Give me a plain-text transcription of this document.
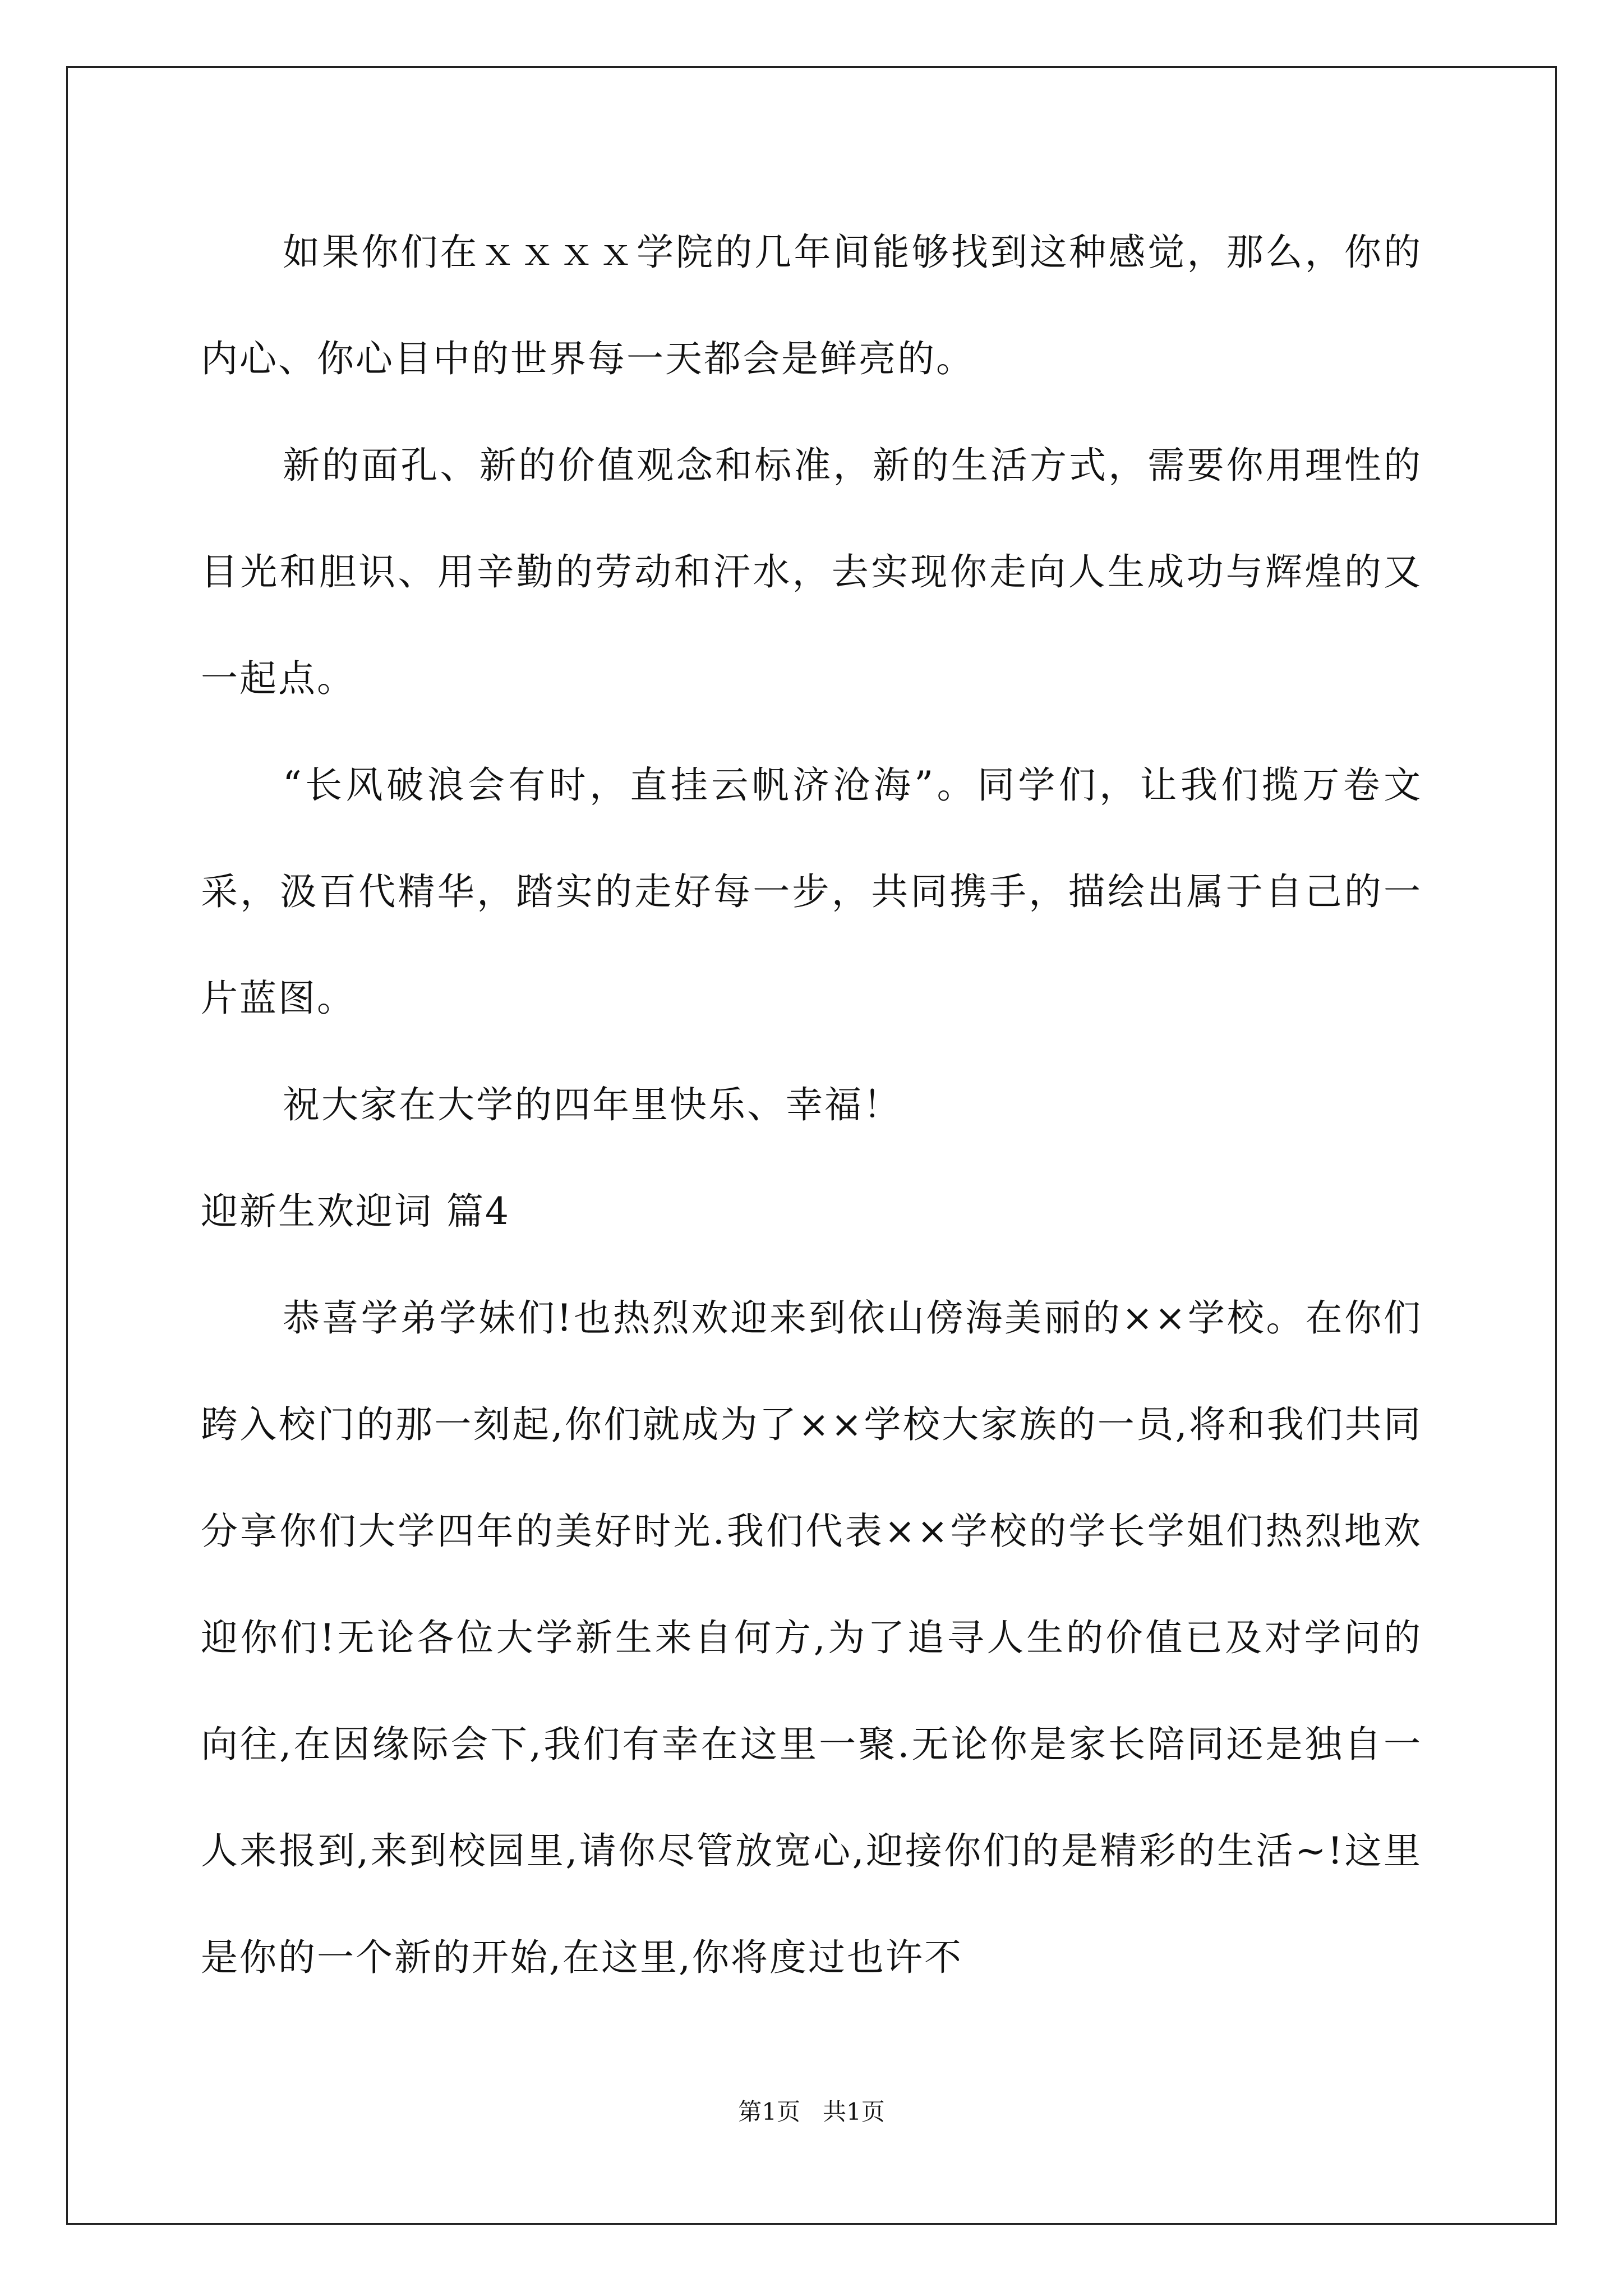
如果你们在ｘｘｘｘ学院的几年间能够找到这种感觉，那么，你的内心、你心目中的世界每一天都会是鲜亮的。

新的面孔、新的价值观念和标准，新的生活方式，需要你用理性的目光和胆识、用辛勤的劳动和汗水，去实现你走向人生成功与辉煌的又一起点。

“长风破浪会有时，直挂云帆济沧海”。同学们，让我们揽万卷文采，汲百代精华，踏实的走好每一步，共同携手，描绘出属于自己的一片蓝图。

祝大家在大学的四年里快乐、幸福！

迎新生欢迎词 篇4

恭喜学弟学妹们!也热烈欢迎来到依山傍海美丽的××学校。在你们跨入校门的那一刻起,你们就成为了××学校大家族的一员,将和我们共同分享你们大学四年的美好时光.我们代表××学校的学长学姐们热烈地欢迎你们!无论各位大学新生来自何方,为了追寻人生的价值已及对学问的向往,在因缘际会下,我们有幸在这里一聚.无论你是家长陪同还是独自一人来报到,来到校园里,请你尽管放宽心,迎接你们的是精彩的生活~!这里是你的一个新的开始,在这里,你将度过也许不

第1页 共1页
